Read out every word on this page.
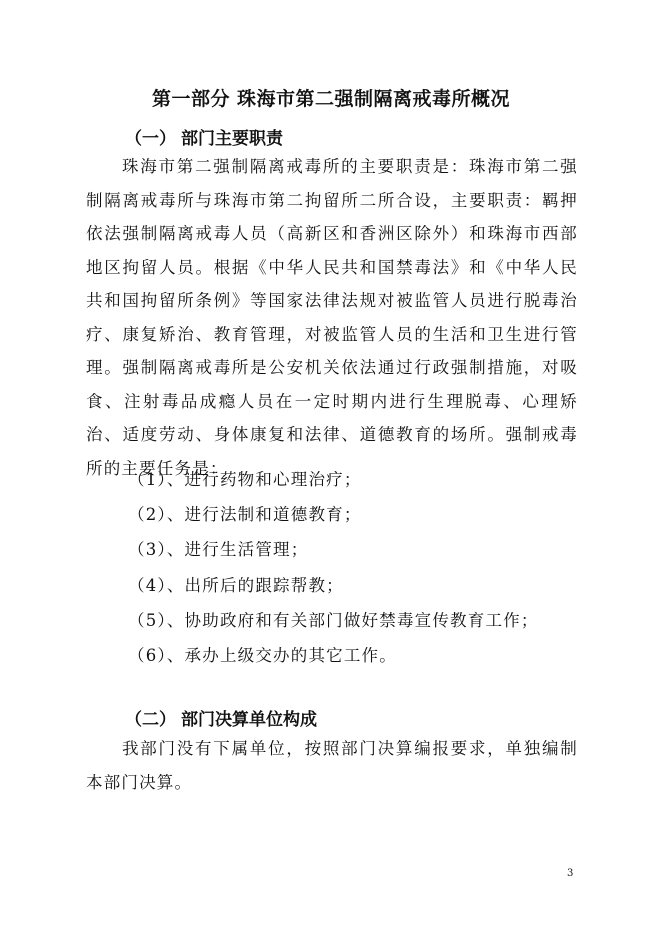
第一部分 珠海市第二强制隔离戒毒所概况
（一） 部门主要职责

珠海市第二强制隔离戒毒所的主要职责是：珠海市第二强制隔离戒毒所与珠海市第二拘留所二所合设，主要职责：羁押依法强制隔离戒毒人员（高新区和香洲区除外）和珠海市西部地区拘留人员。根据《中华人民共和国禁毒法》和《中华人民共和国拘留所条例》等国家法律法规对被监管人员进行脱毒治疗、康复矫治、教育管理，对被监管人员的生活和卫生进行管理。强制隔离戒毒所是公安机关依法通过行政强制措施，对吸食、注射毒品成瘾人员在一定时期内进行生理脱毒、心理矫治、适度劳动、身体康复和法律、道德教育的场所。强制戒毒所的主要任务是：

（1）、进行药物和心理治疗；
（2）、进行法制和道德教育；
（3）、进行生活管理；
（4）、出所后的跟踪帮教；
（5）、协助政府和有关部门做好禁毒宣传教育工作；
（6）、承办上级交办的其它工作。
（二） 部门决算单位构成

我部门没有下属单位，按照部门决算编报要求，单独编制本部门决算。

3
